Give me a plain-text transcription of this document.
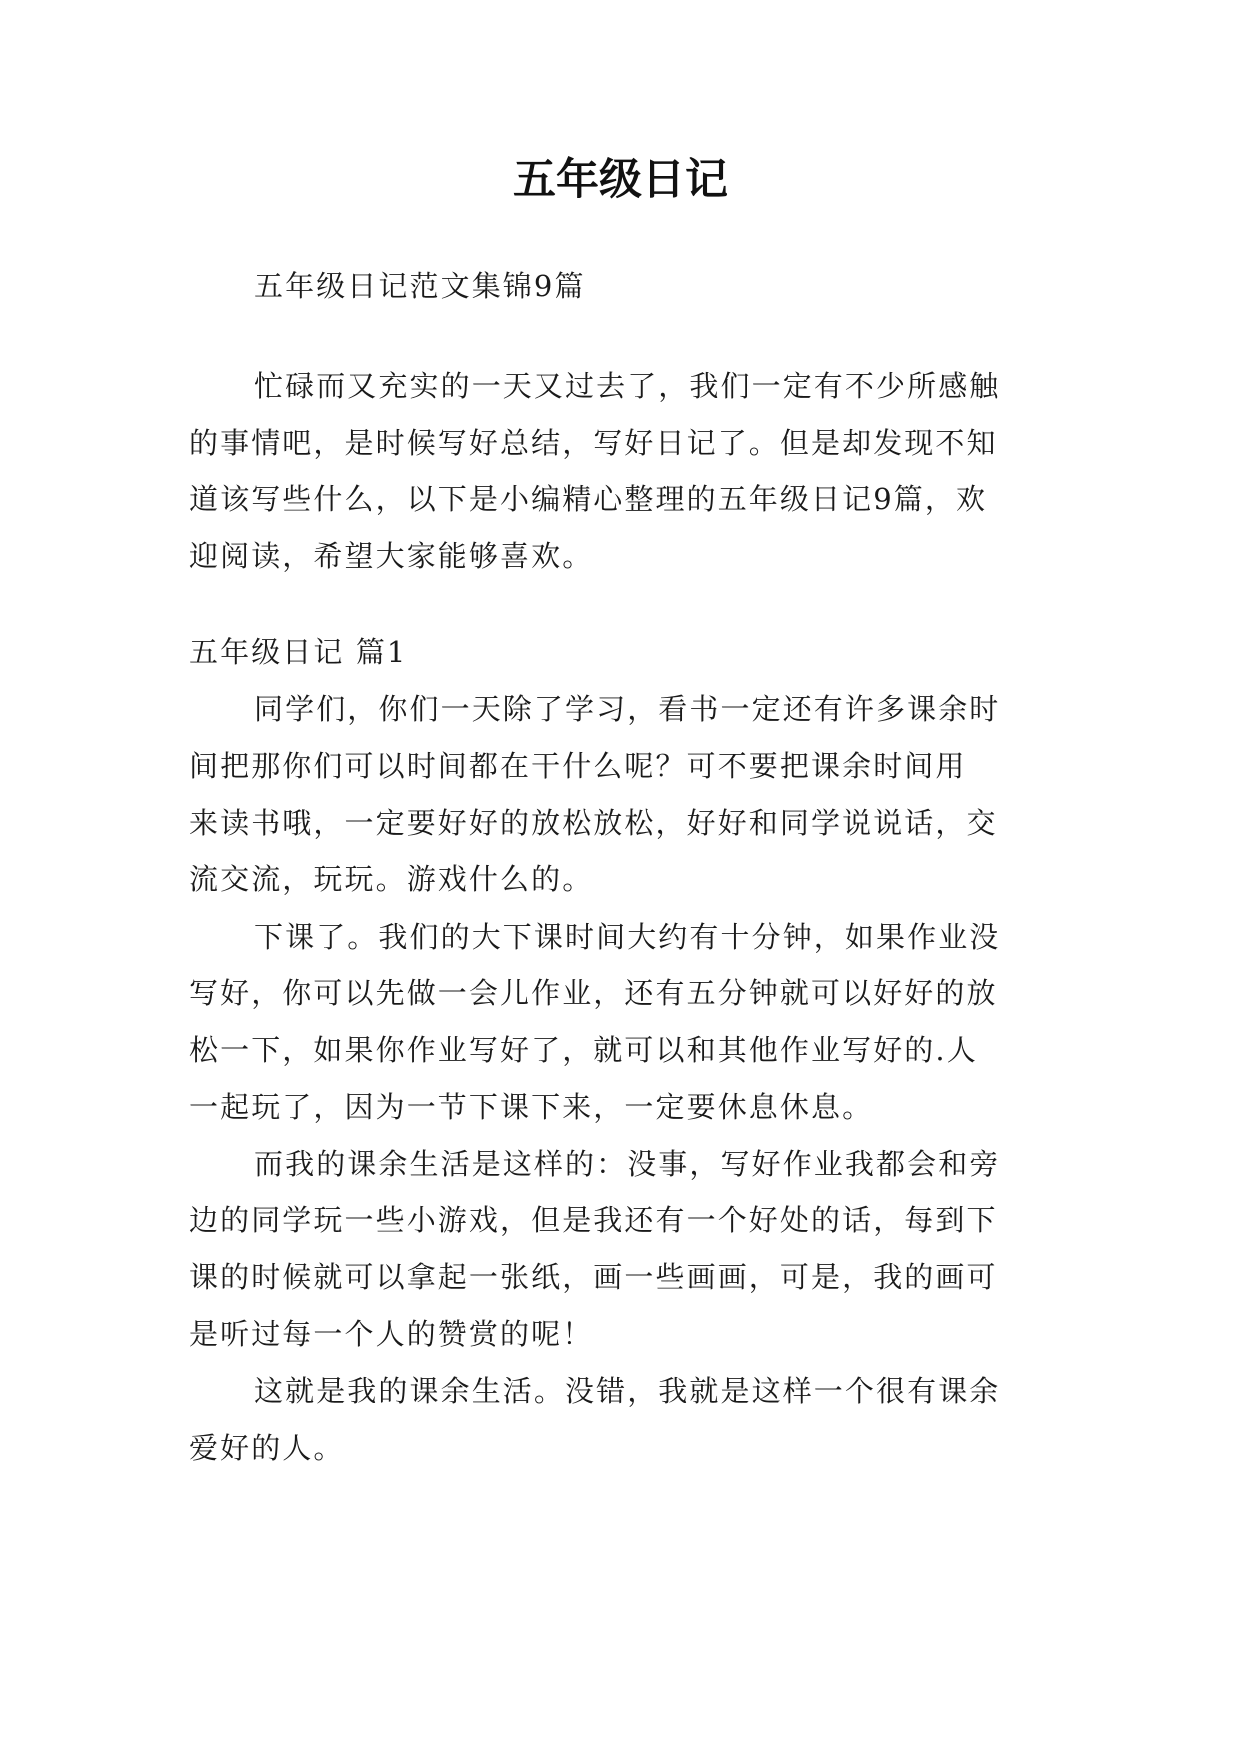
五年级日记
五年级日记范文集锦9篇
忙碌而又充实的一天又过去了，我们一定有不少所感触
的事情吧，是时候写好总结，写好日记了。但是却发现不知
道该写些什么，以下是小编精心整理的五年级日记9篇，欢
迎阅读，希望大家能够喜欢。
五年级日记 篇1
同学们，你们一天除了学习，看书一定还有许多课余时
间把那你们可以时间都在干什么呢？可不要把课余时间用
来读书哦，一定要好好的放松放松，好好和同学说说话，交
流交流，玩玩。游戏什么的。
下课了。我们的大下课时间大约有十分钟，如果作业没
写好，你可以先做一会儿作业，还有五分钟就可以好好的放
松一下，如果你作业写好了，就可以和其他作业写好的.人
一起玩了，因为一节下课下来，一定要休息休息。
而我的课余生活是这样的：没事，写好作业我都会和旁
边的同学玩一些小游戏，但是我还有一个好处的话，每到下
课的时候就可以拿起一张纸，画一些画画，可是，我的画可
是听过每一个人的赞赏的呢！
这就是我的课余生活。没错，我就是这样一个很有课余
爱好的人。
